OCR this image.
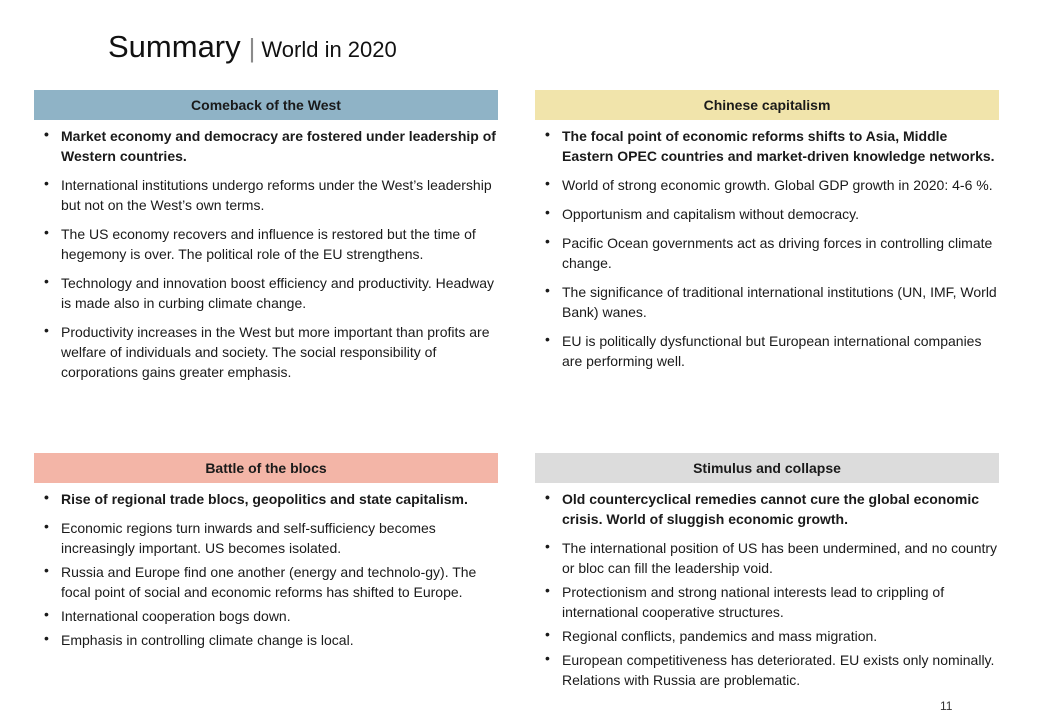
Summary | World in 2020
Comeback of the West
• Market economy and democracy are fostered under leadership of Western countries.
• International institutions undergo reforms under the West’s leadership but not on the West’s own terms.
• The US economy recovers and influence is restored but the time of hegemony is over. The political role of the EU strengthens.
• Technology and innovation boost efficiency and productivity. Headway is made also in curbing climate change.
• Productivity increases in the West but more important than profits are welfare of individuals and society. The social responsibility of corporations gains greater emphasis.
Chinese capitalism
• The focal point of economic reforms shifts to Asia, Middle Eastern OPEC countries and market-driven knowledge networks.
• World of strong economic growth. Global GDP growth in 2020: 4-6 %.
• Opportunism and capitalism without democracy.
• Pacific Ocean governments act as driving forces in controlling climate change.
• The significance of traditional international institutions (UN, IMF, World Bank) wanes.
• EU is politically dysfunctional but European international companies are performing well.
Battle of the blocs
• Rise of regional trade blocs, geopolitics and state capitalism.
• Economic regions turn inwards and self-sufficiency becomes increasingly important. US becomes isolated.
• Russia and Europe find one another (energy and technolo-gy). The focal point of social and economic reforms has shifted to Europe.
• International cooperation bogs down.
• Emphasis in controlling climate change is local.
Stimulus and collapse
• Old countercyclical remedies cannot cure the global economic crisis. World of sluggish economic growth.
• The international position of US has been undermined, and no country or bloc can fill the leadership void.
• Protectionism and strong national interests lead to crippling of international cooperative structures.
• Regional conflicts, pandemics and mass migration.
• European competitiveness has deteriorated. EU exists only nominally. Relations with Russia are problematic.
11
